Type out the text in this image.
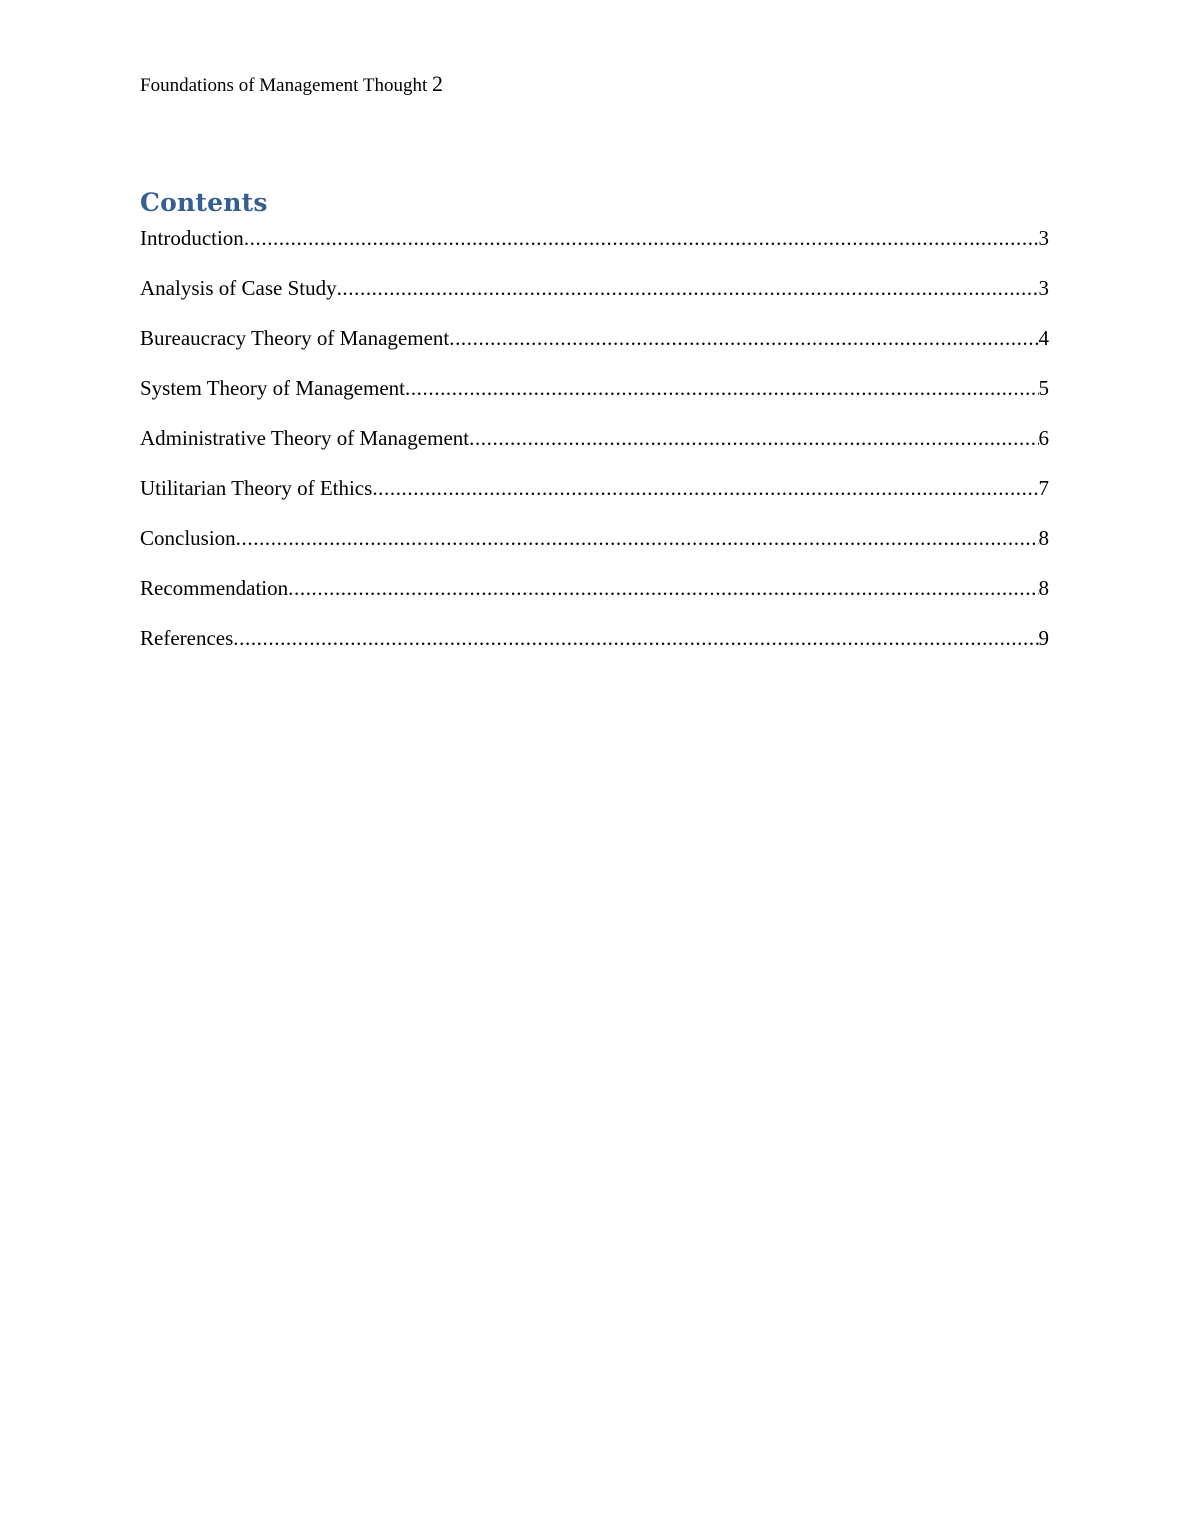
Foundations of Management Thought 2
Contents
Introduction .....	3
Analysis of Case Study .....	3
Bureaucracy Theory of Management .....	4
System Theory of Management .....	5
Administrative Theory of Management .....	6
Utilitarian Theory of Ethics .....	7
Conclusion .....	8
Recommendation .....	8
References .....	9
